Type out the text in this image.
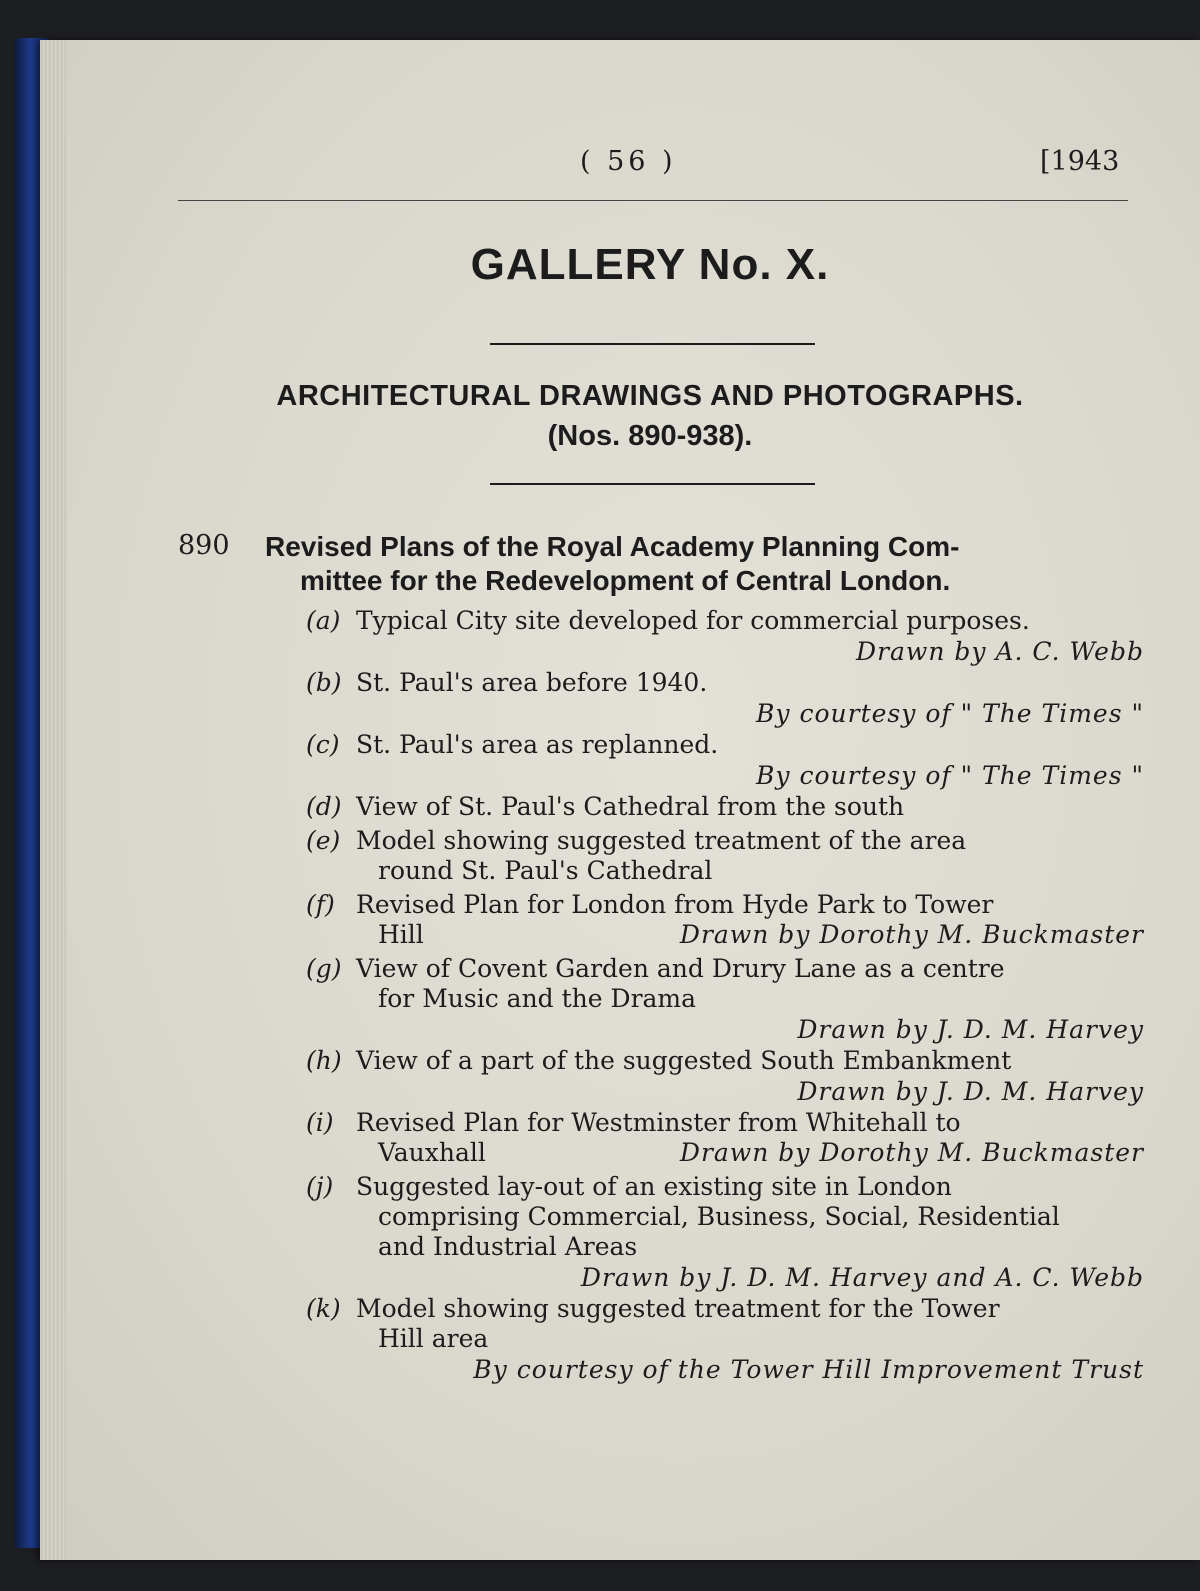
( 56 )	[1943
GALLERY No. X.
ARCHITECTURAL DRAWINGS AND PHOTOGRAPHS.
(Nos. 890-938).
890 Revised Plans of the Royal Academy Planning Com-
mittee for the Redevelopment of Central London.
(a) Typical City site developed for commercial purposes.
Drawn by A. C. Webb
(b) St. Paul's area before 1940.
By courtesy of " The Times "
(c) St. Paul's area as replanned.
By courtesy of " The Times "
(d) View of St. Paul's Cathedral from the south
(e) Model showing suggested treatment of the area
round St. Paul's Cathedral
(f) Revised Plan for London from Hyde Park to Tower
Hill	Drawn by Dorothy M. Buckmaster
(g) View of Covent Garden and Drury Lane as a centre
for Music and the Drama
Drawn by J. D. M. Harvey
(h) View of a part of the suggested South Embankment
Drawn by J. D. M. Harvey
(i) Revised Plan for Westminster from Whitehall to
Vauxhall	Drawn by Dorothy M. Buckmaster
(j) Suggested lay-out of an existing site in London
comprising Commercial, Business, Social, Residential
and Industrial Areas
Drawn by J. D. M. Harvey and A. C. Webb
(k) Model showing suggested treatment for the Tower
Hill area
By courtesy of the Tower Hill Improvement Trust
